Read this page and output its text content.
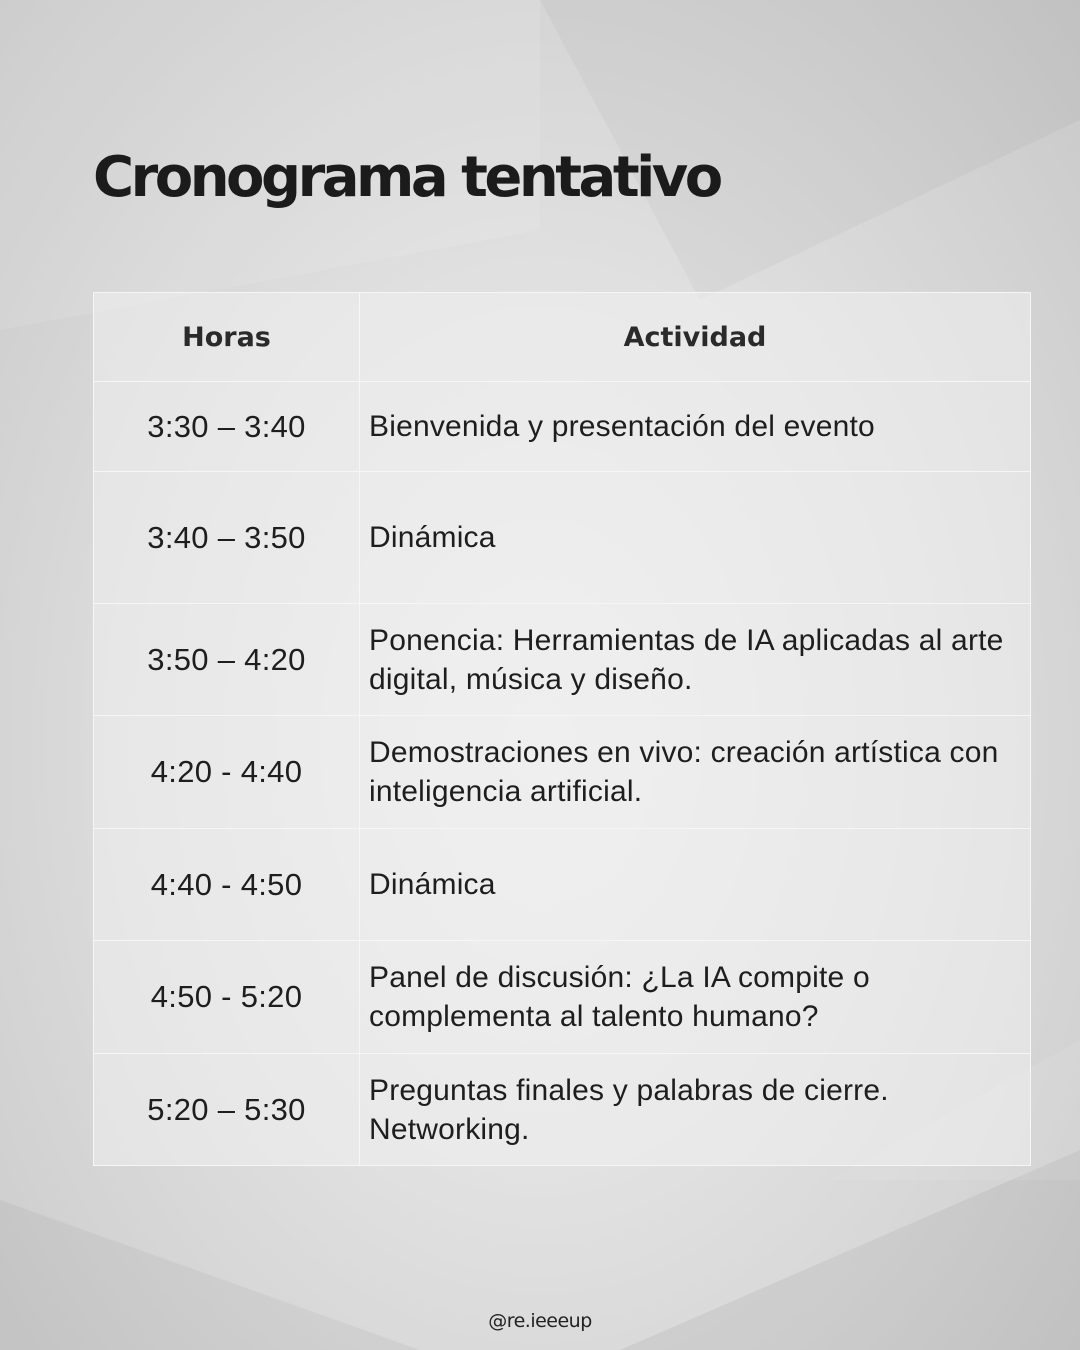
Cronograma tentativo
Horas	Actividad
3:30 – 3:40	Bienvenida y presentación del evento
3:40 – 3:50	Dinámica
3:50 – 4:20	Ponencia: Herramientas de IA aplicadas al arte digital, música y diseño.
4:20 - 4:40	Demostraciones en vivo: creación artística con inteligencia artificial.
4:40 - 4:50	Dinámica
4:50 - 5:20	Panel de discusión: ¿La IA compite o complementa al talento humano?
5:20 – 5:30	Preguntas finales y palabras de cierre. Networking.
@re.ieeeup
